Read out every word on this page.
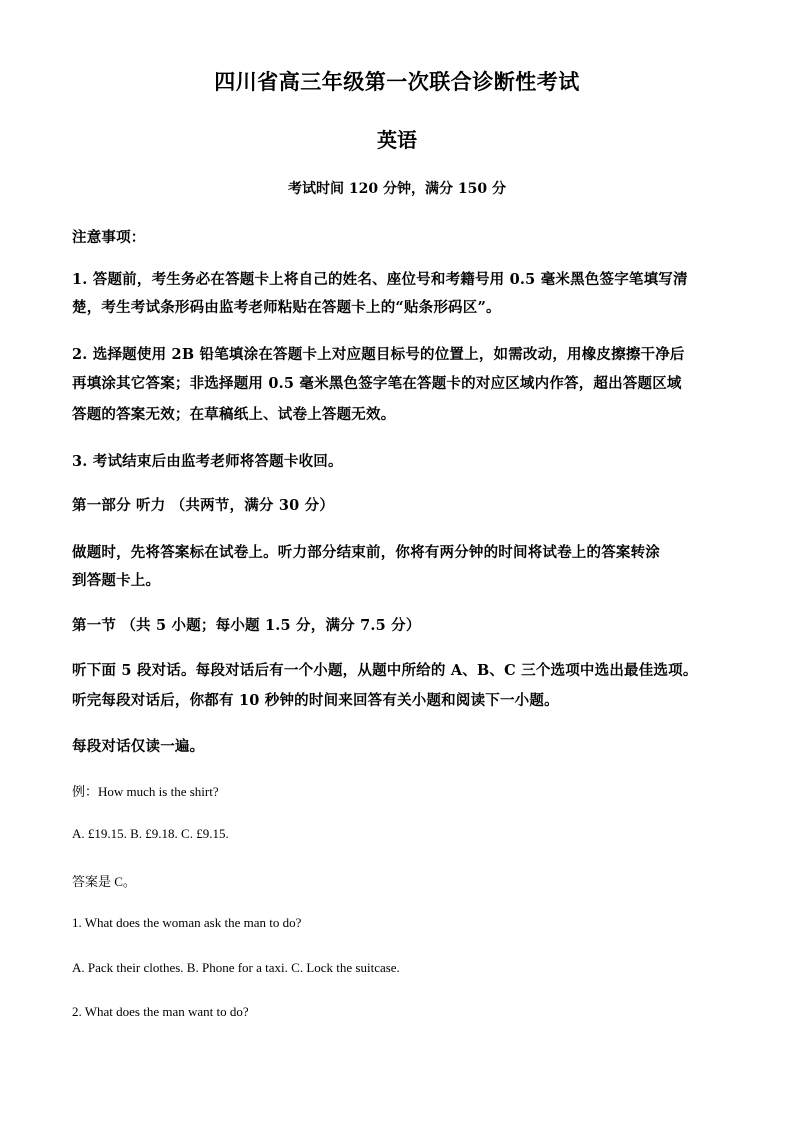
四川省高三年级第一次联合诊断性考试
英语
考试时间 120 分钟，满分 150 分
注意事项：
1. 答题前，考生务必在答题卡上将自己的姓名、座位号和考籍号用 0.5 毫米黑色签字笔填写清
楚，考生考试条形码由监考老师粘贴在答题卡上的“贴条形码区”。
2. 选择题使用 2B 铅笔填涂在答题卡上对应题目标号的位置上，如需改动，用橡皮擦擦干净后
再填涂其它答案；非选择题用 0.5 毫米黑色签字笔在答题卡的对应区域内作答，超出答题区域
答题的答案无效；在草稿纸上、试卷上答题无效。
3. 考试结束后由监考老师将答题卡收回。
第一部分 听力 （共两节，满分 30 分）
做题时，先将答案标在试卷上。听力部分结束前，你将有两分钟的时间将试卷上的答案转涂
到答题卡上。
第一节 （共 5 小题；每小题 1.5 分，满分 7.5 分）
听下面 5 段对话。每段对话后有一个小题，从题中所给的 A、B、C 三个选项中选出最佳选项。
听完每段对话后，你都有 10 秒钟的时间来回答有关小题和阅读下一小题。
每段对话仅读一遍。
例：How much is the shirt?
A. £19.15. B. £9.18. C. £9.15.
答案是 C。
1. What does the woman ask the man to do?
A. Pack their clothes. B. Phone for a taxi. C. Lock the suitcase.
2. What does the man want to do?
